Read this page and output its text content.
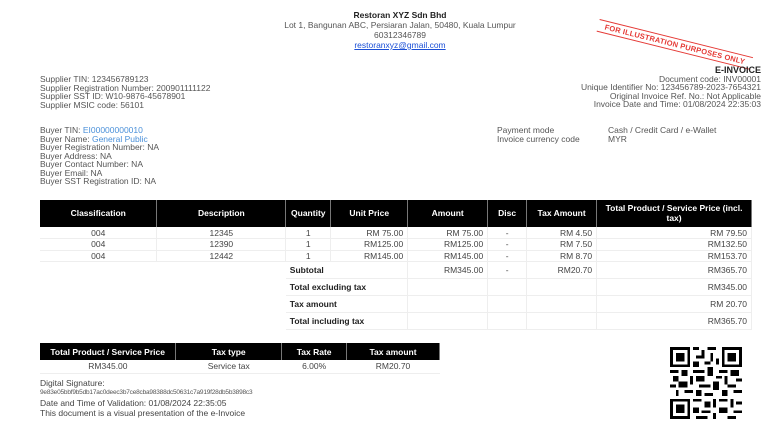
Restoran XYZ Sdn Bhd
Lot 1, Bangunan ABC, Persiaran Jalan, 50480, Kuala Lumpur
60312346789
restoranxyz@gmail.com	FOR ILLUSTRATION PURPOSES ONLY
Supplier TIN: 123456789123
Supplier Registration Number: 200901111122
Supplier SST ID: W10-9876-45678901
Supplier MSIC code: 56101
E-INVOICE
Document code: INV00001
Unique Identifier No: 123456789-2023-7654321
Original Invoice Ref. No.: Not Applicable
Invoice Date and Time: 01/08/2024 22:35:03
Buyer TIN: EI00000000010
Buyer Name: General Public
Buyer Registration Number: NA
Buyer Address: NA
Buyer Contact Number: NA
Buyer Email: NA
Buyer SST Registration ID: NA
Payment mode	Cash / Credit Card / e-Wallet
Invoice currency code	MYR
Classification	Description	Quantity	Unit Price	Amount	Disc	Tax Amount	Total Product / Service Price (incl. tax)
004	12345	1	RM 75.00	RM 75.00	-	RM 4.50	RM 79.50
004	12390	1	RM125.00	RM125.00	-	RM 7.50	RM132.50
004	12442	1	RM145.00	RM145.00	-	RM 8.70	RM153.70
		Subtotal		RM345.00	-	RM20.70	RM365.70
		Total excluding tax					RM345.00
		Tax amount					RM 20.70
		Total including tax					RM365.70
Total Product / Service Price	Tax type	Tax Rate	Tax amount
RM345.00	Service tax	6.00%	RM20.70
Digital Signature:
9e83e05bbf9b5db17ac0deec3b7ce8cba98388dc50631c7a919f28db5b3898c3
Date and Time of Validation: 01/08/2024 22:35:05
This document is a visual presentation of the e-Invoice
